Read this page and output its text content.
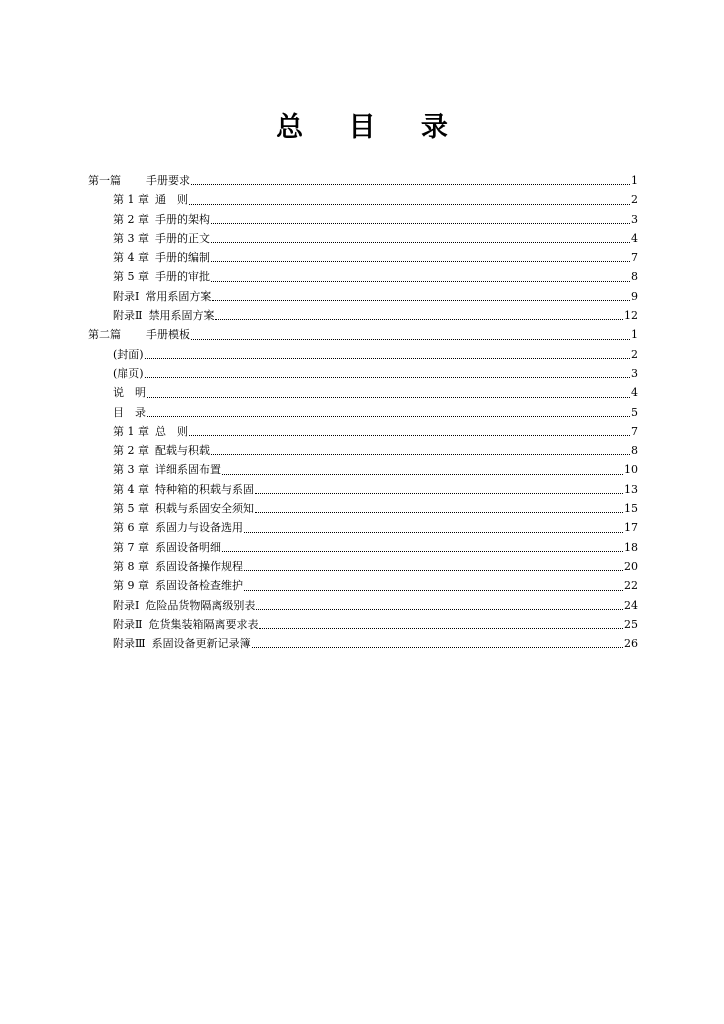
总 目 录
第一篇	手册要求	1
第 1 章 通　则	2
第 2 章 手册的架构	3
第 3 章 手册的正文	4
第 4 章 手册的编制	7
第 5 章 手册的审批	8
附录Ⅰ 常用系固方案	9
附录Ⅱ 禁用系固方案	12
第二篇	手册模板	1
(封面)	2
(扉页)	3
说　明	4
目　录	5
第 1 章 总　则	7
第 2 章 配载与积载	8
第 3 章 详细系固布置	10
第 4 章 特种箱的积载与系固	13
第 5 章 积载与系固安全须知	15
第 6 章 系固力与设备选用	17
第 7 章 系固设备明细	18
第 8 章 系固设备操作规程	20
第 9 章 系固设备检查维护	22
附录Ⅰ 危险品货物隔离级别表	24
附录Ⅱ 危货集装箱隔离要求表	25
附录Ⅲ 系固设备更新记录簿	26
